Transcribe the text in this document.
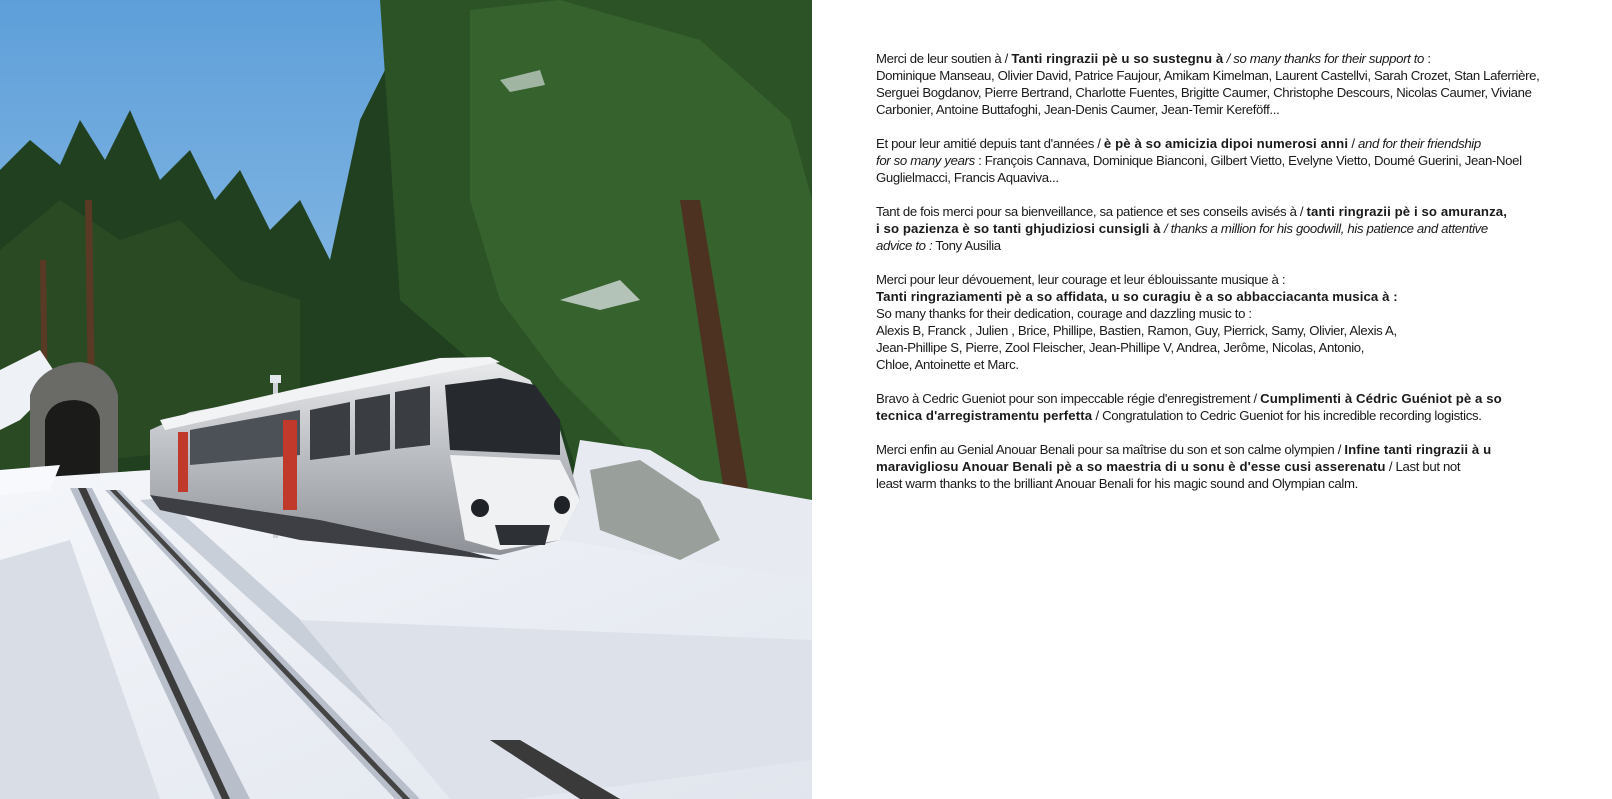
Merci de leur soutien à / Tanti ringrazii pè u so sustegnu à / so many thanks for their support to :
Dominique Manseau, Olivier David, Patrice Faujour, Amikam Kimelman, Laurent Castellvi, Sarah Crozet, Stan Laferrière,
Serguei Bogdanov, Pierre Bertrand, Charlotte Fuentes, Brigitte Caumer, Christophe Descours, Nicolas Caumer, Viviane
Carbonier, Antoine Buttafoghi, Jean-Denis Caumer, Jean-Temir Kereföff...

Et pour leur amitié depuis tant d'années / è pè à so amicizia dipoi numerosi anni / and for their friendship
for so many years : François Cannava, Dominique Bianconi, Gilbert Vietto, Evelyne Vietto, Doumé Guerini, Jean-Noel
Guglielmacci, Francis Aquaviva...

Tant de fois merci pour sa bienveillance, sa patience et ses conseils avisés à / tanti ringrazii pè i so amuranza,
i so pazienza è so tanti ghjudiziosi cunsigli à / thanks a million for his goodwill, his patience and attentive
advice to : Tony Ausilia

Merci pour leur dévouement, leur courage et leur éblouissante musique à :
Tanti ringraziamenti pè a so affidata, u so curagiu è a so abbacciacanta musica à :
So many thanks for their dedication, courage and dazzling music to :
Alexis B, Franck , Julien , Brice, Phillipe, Bastien, Ramon, Guy, Pierrick, Samy, Olivier, Alexis A,
Jean-Phillipe S, Pierre, Zool Fleischer, Jean-Phillipe V, Andrea, Jerôme, Nicolas, Antonio,
Chloe, Antoinette et Marc.

Bravo à Cedric Gueniot pour son impeccable régie d'enregistrement / Cumplimenti à Cédric Guéniot pè a so
tecnica d'arregistramentu perfetta / Congratulation to Cedric Gueniot for his incredible recording logistics.

Merci enfin au Genial Anouar Benali pour sa maîtrise du son et son calme olympien / Infine tanti ringrazii à u
maravigliosu Anouar Benali pè a so maestria di u sonu è d'esse cusi asserenatu / Last but not
least warm thanks to the brilliant Anouar Benali for his magic sound and Olympian calm.
